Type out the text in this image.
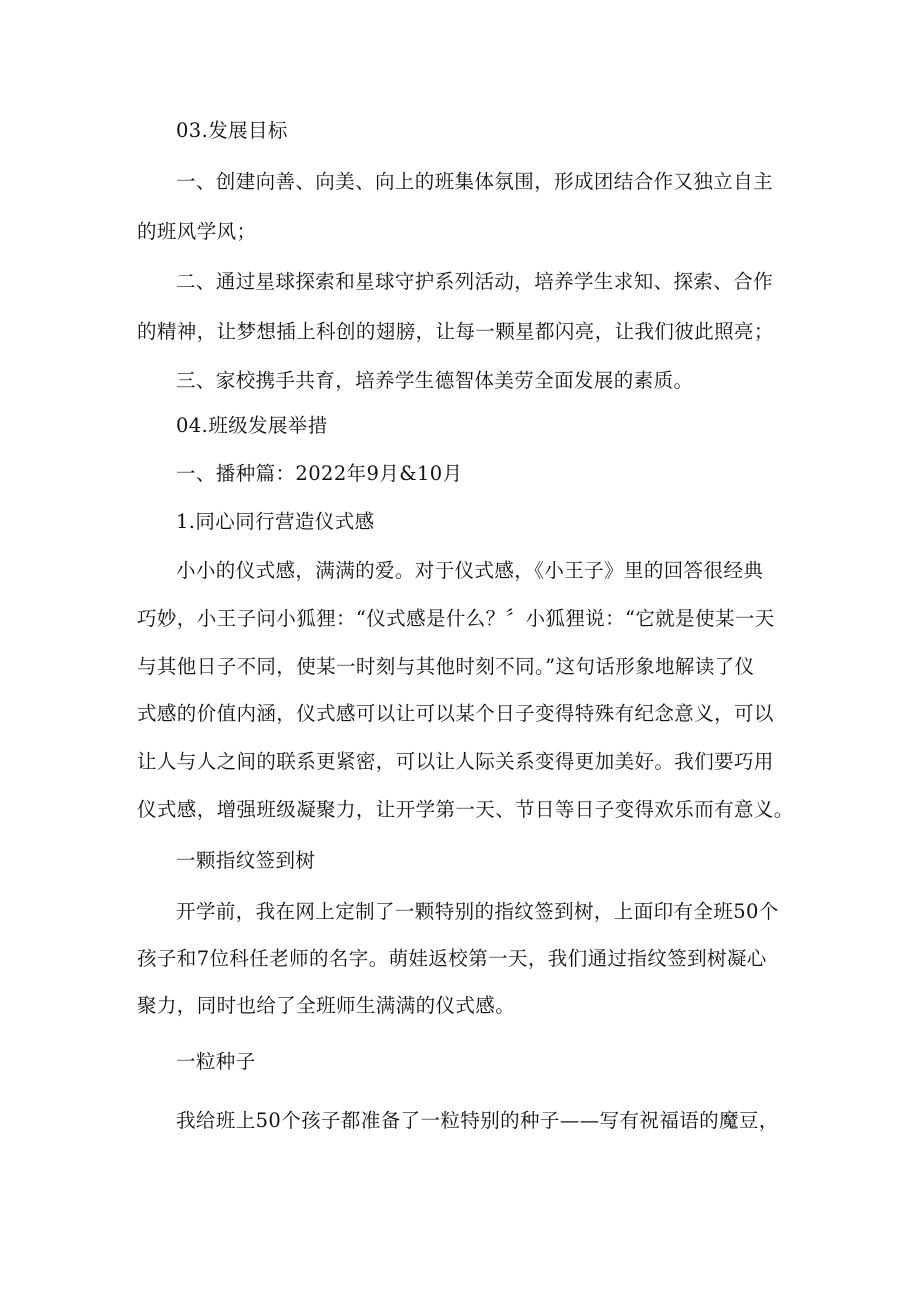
03.发展目标
一、创建向善、向美、向上的班集体氛围，形成团结合作又独立自主
的班风学风；
二、通过星球探索和星球守护系列活动，培养学生求知、探索、合作
的精神，让梦想插上科创的翅膀，让每一颗星都闪亮，让我们彼此照亮；
三、家校携手共育，培养学生德智体美劳全面发展的素质。
04.班级发展举措
一、播种篇：2022年9月&10月
1.同心同行营造仪式感
小小的仪式感，满满的爱。对于仪式感，《小王子》里的回答很经典
巧妙，小王子问小狐狸：“仪式感是什么？〞小狐狸说：“它就是使某一天
与其他日子不同，使某一时刻与其他时刻不同。”这句话形象地解读了仪
式感的价值内涵，仪式感可以让可以某个日子变得特殊有纪念意义，可以
让人与人之间的联系更紧密，可以让人际关系变得更加美好。我们要巧用
仪式感，增强班级凝聚力，让开学第一天、节日等日子变得欢乐而有意义。
一颗指纹签到树
开学前，我在网上定制了一颗特别的指纹签到树，上面印有全班50个
孩子和7位科任老师的名字。萌娃返校第一天，我们通过指纹签到树凝心
聚力，同时也给了全班师生满满的仪式感。
一粒种子
我给班上50个孩子都准备了一粒特别的种子——写有祝福语的魔豆，
